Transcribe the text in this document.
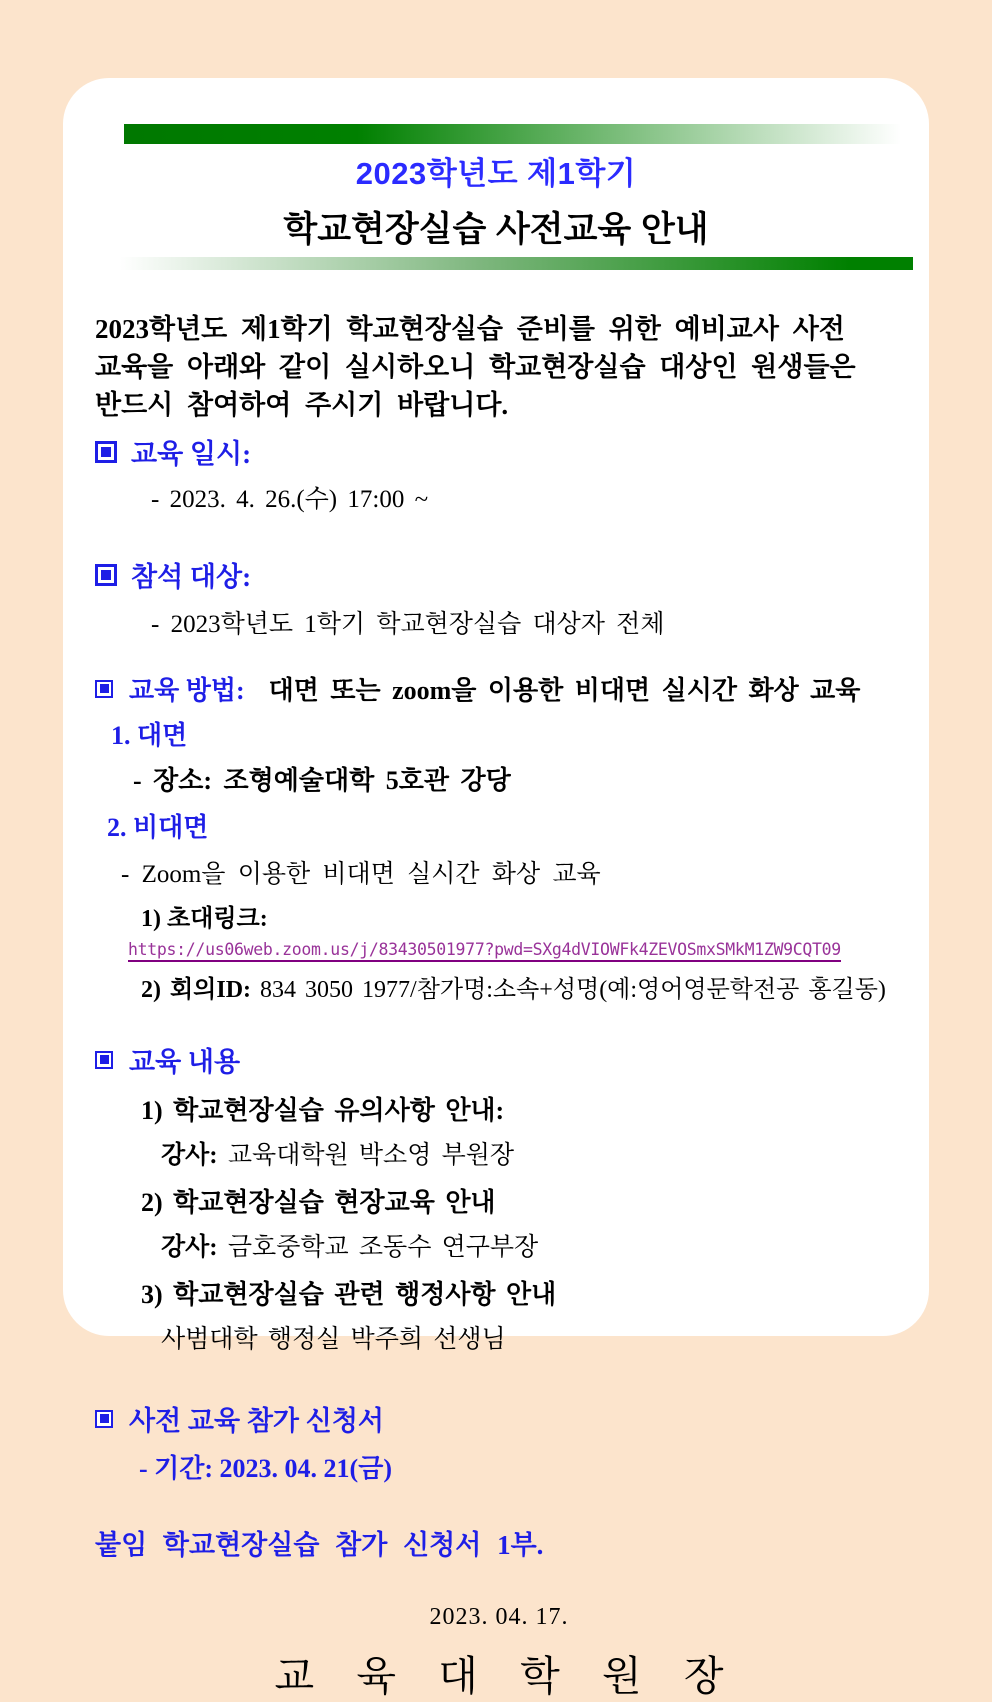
2023학년도 제1학기
학교현장실습 사전교육 안내
2023학년도 제1학기 학교현장실습 준비를 위한 예비교사 사전
교육을 아래와 같이 실시하오니 학교현장실습 대상인 원생들은
반드시 참여하여 주시기 바랍니다.
교육 일시:
- 2023. 4. 26.(수) 17:00 ~
참석 대상:
- 2023학년도 1학기 학교현장실습 대상자 전체
교육 방법: 대면 또는 zoom을 이용한 비대면 실시간 화상 교육
1. 대면
- 장소: 조형예술대학 5호관 강당
2. 비대면
- Zoom을 이용한 비대면 실시간 화상 교육
1) 초대링크:
https://us06web.zoom.us/j/83430501977?pwd=SXg4dVIOWFk4ZEVOSmxSMkM1ZW9CQT09
2) 회의ID: 834 3050 1977/참가명:소속+성명(예:영어영문학전공 홍길동)
교육 내용
1) 학교현장실습 유의사항 안내:
강사: 교육대학원 박소영 부원장
2) 학교현장실습 현장교육 안내
강사: 금호중학교 조동수 연구부장
3) 학교현장실습 관련 행정사항 안내
사범대학 행정실 박주희 선생님
사전 교육 참가 신청서
- 기간: 2023. 04. 21(금)
붙임 학교현장실습 참가 신청서 1부.
2023. 04. 17.
교 육 대 학 원 장
